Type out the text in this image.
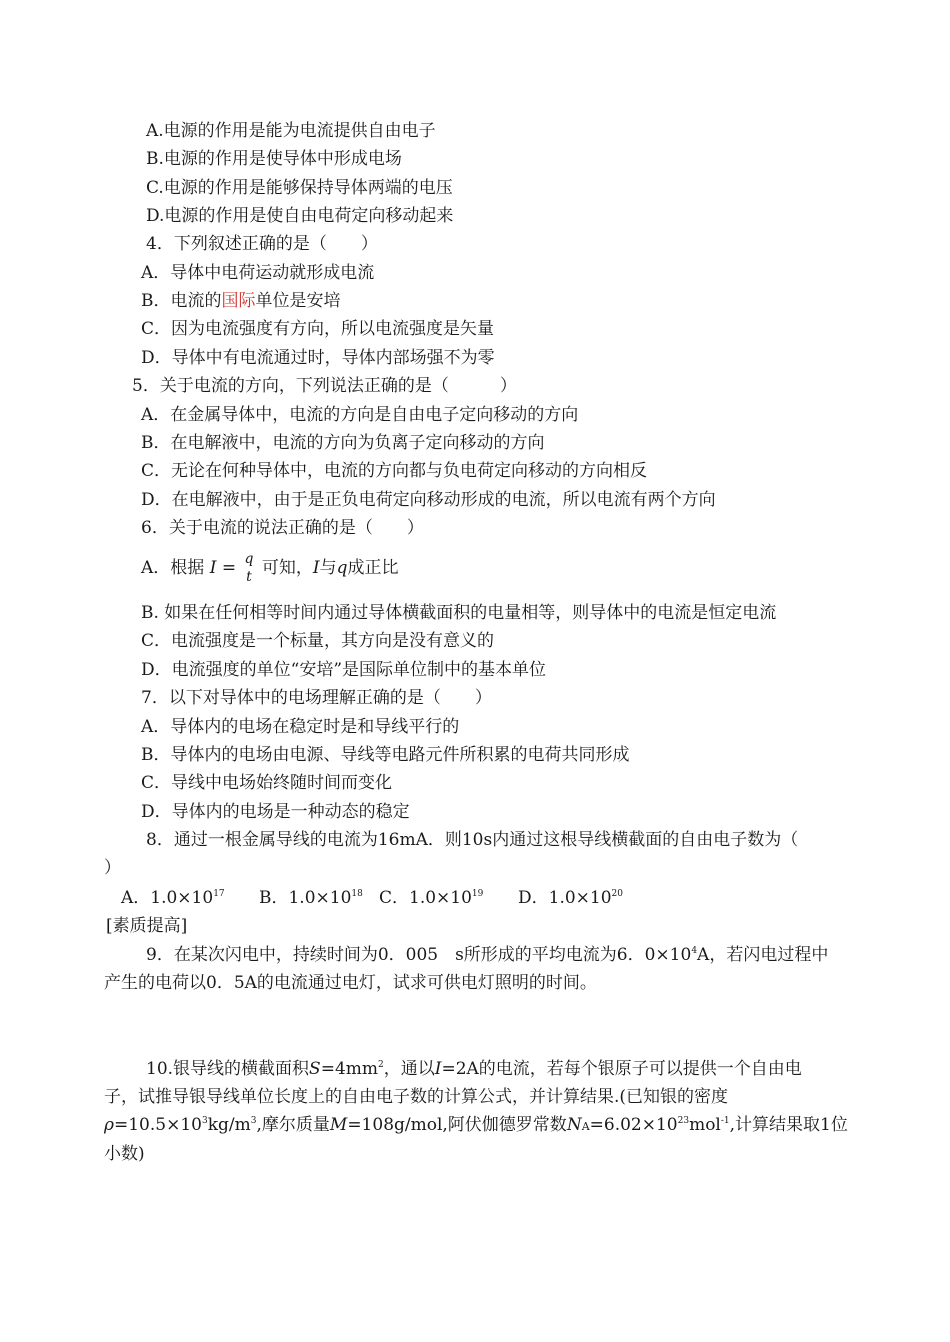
A.电源的作用是能为电流提供自由电子
B.电源的作用是使导体中形成电场
C.电源的作用是能够保持导体两端的电压
D.电源的作用是使自由电荷定向移动起来
4．下列叙述正确的是（　　）
A．导体中电荷运动就形成电流
B．电流的国际单位是安培
C．因为电流强度有方向，所以电流强度是矢量
D．导体中有电流通过时，导体内部场强不为零
5．关于电流的方向，下列说法正确的是（　　　）
A．在金属导体中，电流的方向是自由电子定向移动的方向
B．在电解液中，电流的方向为负离子定向移动的方向
C．无论在何种导体中，电流的方向都与负电荷定向移动的方向相反
D．在电解液中，由于是正负电荷定向移动形成的电流，所以电流有两个方向
6．关于电流的说法正确的是（　　）
A．根据 I = q
t 可知，I与q成正比
B. 如果在任何相等时间内通过导体横截面积的电量相等，则导体中的电流是恒定电流
C．电流强度是一个标量，其方向是没有意义的
D．电流强度的单位“安培”是国际单位制中的基本单位
7．以下对导体中的电场理解正确的是（　　）
A．导体内的电场在稳定时是和导线平行的
B．导体内的电场由电源、导线等电路元件所积累的电荷共同形成
C．导线中电场始终随时间而变化
D．导体内的电场是一种动态的稳定
8．通过一根金属导线的电流为16mA．则10s内通过这根导线横截面的自由电子数为（
）
A．$1.0\times 10^{17}$ B．$1.0\times 10^{18}$ C．$1.0\times 10^{19}$ D．$1.0\times 10^{20}$
[素质提高]
9．在某次闪电中，持续时间为0．005　s所形成的平均电流为6．$0\times 10^4A$，若闪电过程中
产生的电荷以0．5A的电流通过电灯，试求可供电灯照明的时间。
10.银导线的横截面积$S=4mm^2$，通以I=2A的电流，若每个银原子可以提供一个自由电
子，试推导银导线单位长度上的自由电子数的计算公式，并计算结果.(已知银的密度
$\rho=10.5\times 10^3kg/m^3$,摩尔质量M=108g/mol,阿伏伽德罗常数$N_A=6.02\times 10^{23}mol^{-1}$,计算结果取1位
小数)
